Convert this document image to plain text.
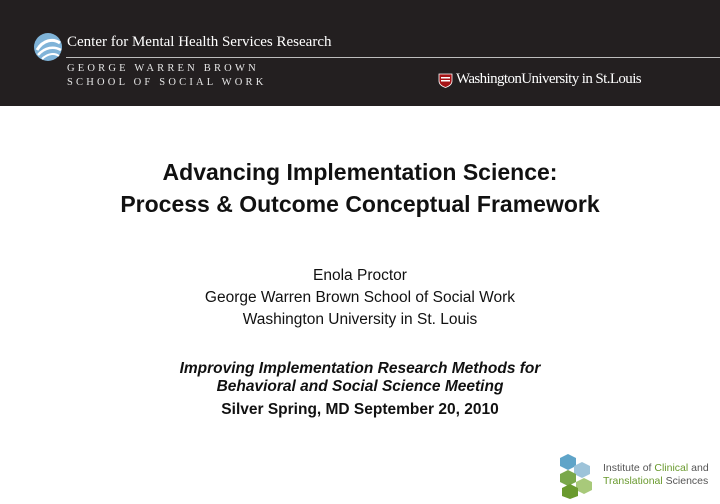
Center for Mental Health Services Research
GEORGE WARREN BROWN
SCHOOL OF SOCIAL WORK	WashingtonUniversity in St.Louis
Advancing Implementation Science:
Process & Outcome Conceptual Framework
Enola Proctor
George Warren Brown School of Social Work
Washington University in St. Louis
Improving Implementation Research Methods for
Behavioral and Social Science Meeting
Silver Spring, MD September 20, 2010
Institute of Clinical and
Translational Sciences
